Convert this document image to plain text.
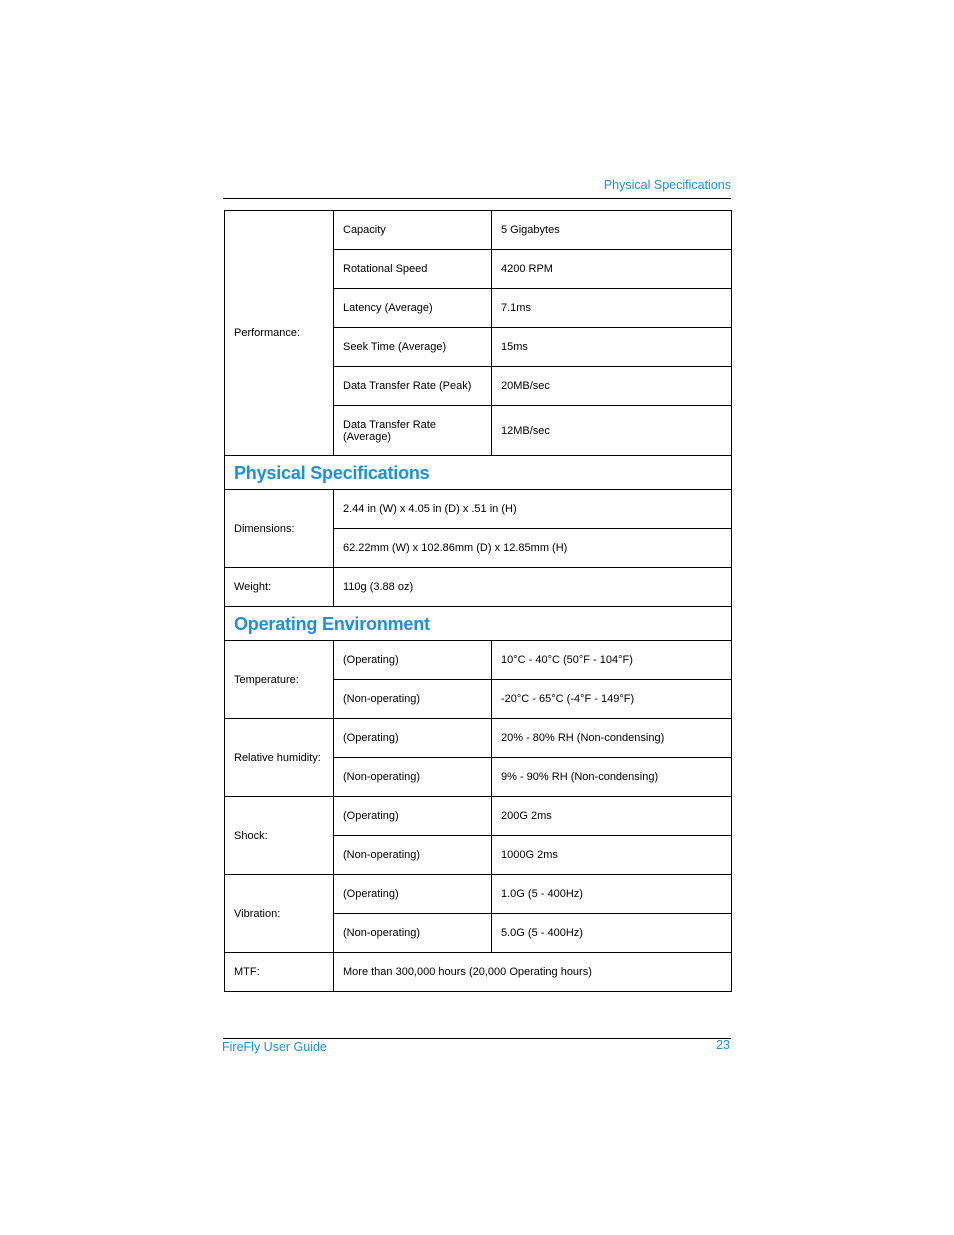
Physical Specifications
Performance:	Capacity	5 Gigabytes
	Rotational Speed	4200 RPM
	Latency (Average)	7.1ms
	Seek Time (Average)	15ms
	Data Transfer Rate (Peak)	20MB/sec
	Data Transfer Rate (Average)	12MB/sec
Physical Specifications		
Dimensions:	2.44 in (W) x 4.05 in (D) x .51 in (H)	
	62.22mm (W) x 102.86mm (D) x 12.85mm (H)	
Weight:	110g (3.88 oz)	
Operating Environment		
Temperature:	(Operating)	10°C - 40°C (50°F - 104°F)
	(Non-operating)	-20°C - 65°C (-4°F - 149°F)
Relative humidity:	(Operating)	20% - 80% RH (Non-condensing)
	(Non-operating)	9% - 90% RH (Non-condensing)
Shock:	(Operating)	200G 2ms
	(Non-operating)	1000G 2ms
Vibration:	(Operating)	1.0G (5 - 400Hz)
	(Non-operating)	5.0G (5 - 400Hz)
MTF:	More than 300,000 hours (20,000 Operating hours)	
FireFly User Guide	23
